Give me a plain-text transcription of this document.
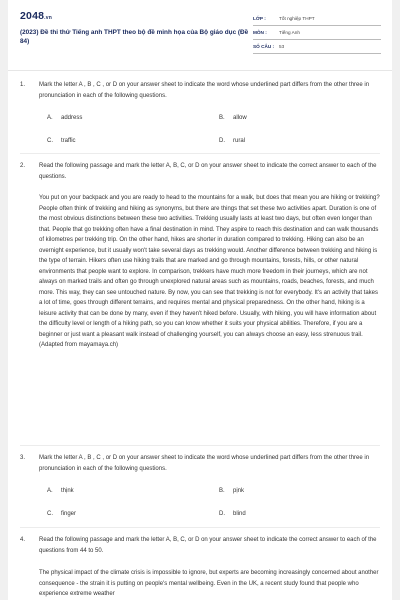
2048.vn
(2023) Đề thi thử Tiếng anh THPT theo bộ đề minh họa của Bộ giáo dục (Đề 84)
LỚP :	Tốt nghiệp THPT
MÔN :	Tiếng Anh
SỐ CÂU :	53
1.	Mark the letter A , B , C , or D on your answer sheet to indicate the word whose underlined part differs from the other three in pronunciation in each of the following questions.
A. address	B. allow
C. traffic	D. rural
2.	Read the following passage and mark the letter A, B, C, or D on your answer sheet to indicate the correct answer to each of the questions.
You put on your backpack and you are ready to head to the mountains for a walk, but does that mean you are hiking or trekking? People often think of trekking and hiking as synonyms, but there are things that set these two activities apart. Duration is one of the most obvious distinctions between these two activities. Trekking usually lasts at least two days, but often even longer than that. People that go trekking often have a final destination in mind. They aspire to reach this destination and can walk thousands of kilometres per trekking trip. On the other hand, hikes are shorter in duration compared to trekking. Hiking can also be an overnight experience, but it usually won't take several days as trekking would. Another difference between trekking and hiking is the type of terrain. Hikers often use hiking trails that are marked and go through mountains, forests, hills, or other natural environments that people want to explore. In comparison, trekkers have much more freedom in their journeys, which are not always on marked trails and often go through unexplored natural areas such as mountains, roads, beaches, forests, and much more. This way, they can see untouched nature. By now, you can see that trekking is not for everybody. It's an activity that takes a lot of time, goes through different terrains, and requires mental and physical preparedness. On the other hand, hiking is a leisure activity that can be done by many, even if they haven't hiked before. Usually, with hiking, you will have information about the difficulty level or length of a hiking path, so you can know whether it suits your physical abilities. Therefore, if you are a beginner or just want a pleasant walk instead of challenging yourself, you can always choose an easy, less strenuous trail. (Adapted from mayamaya.ch)
3.	Mark the letter A , B , C , or D on your answer sheet to indicate the word whose underlined part differs from the other three in pronunciation in each of the following questions.
A. thịnk	B. pịnk
C. finger	D. blind
4.	Read the following passage and mark the letter A, B, C, or D on your answer sheet to indicate the correct answer to each of the questions from 44 to 50.
The physical impact of the climate crisis is impossible to ignore, but experts are becoming increasingly concerned about another consequence - the strain it is putting on people's mental wellbeing. Even in the UK, a recent study found that people who experience extreme weather
